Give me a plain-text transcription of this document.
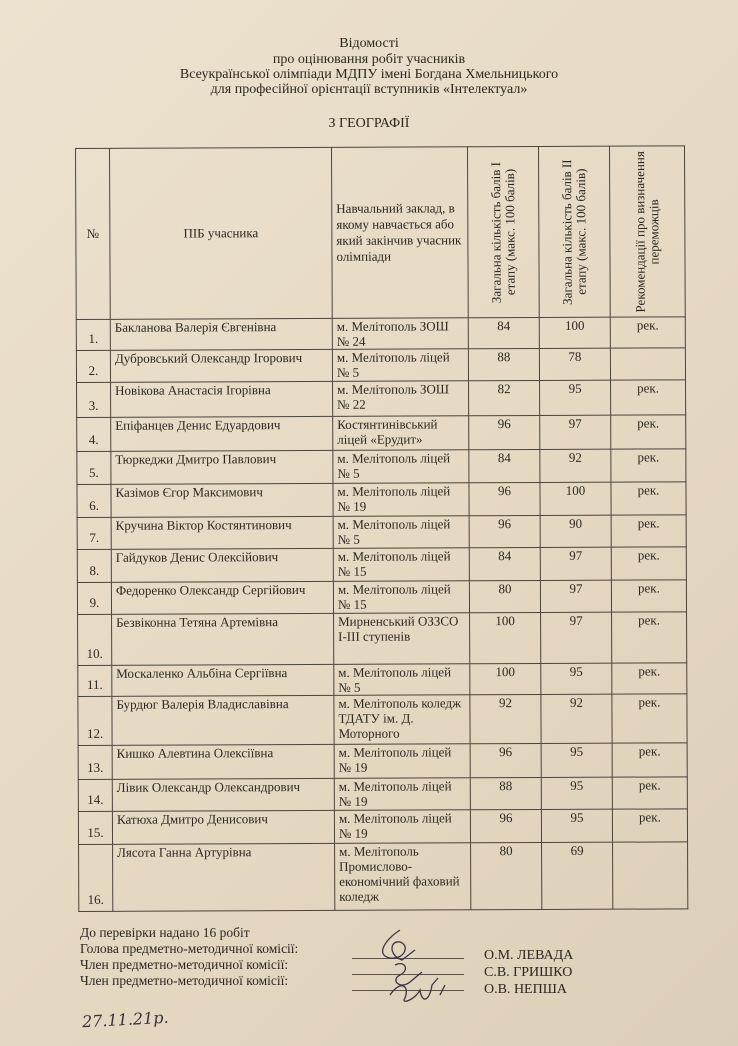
Відомості
про оцінювання робіт учасників
Всеукраїнської олімпіади МДПУ імені Богдана Хмельницького
для професійної орієнтації вступників «Інтелектуал»
З ГЕОГРАФІЇ
№	ПІБ учасника	Навчальний заклад, в якому навчається або який закінчив учасник олімпіади	Загальна кількість балів І етапу (макс. 100 балів)	Загальна кількість балів ІІ етапу (макс. 100 балів)	Рекомендації про визначення переможців

1.	Бакланова Валерія Євгенівна	м. Мелітополь ЗОШ № 24	84	100	рек.
2.	Дубровський Олександр Ігорович	м. Мелітополь ліцей № 5	88	78	
3.	Новікова Анастасія Ігорівна	м. Мелітополь ЗОШ № 22	82	95	рек.
4.	Епіфанцев Денис Едуардович	Костянтинівський ліцей «Ерудит»	96	97	рек.
5.	Тюркеджи Дмитро Павлович	м. Мелітополь ліцей № 5	84	92	рек.
6.	Казімов Єгор Максимович	м. Мелітополь ліцей № 19	96	100	рек.
7.	Кручина Віктор Костянтинович	м. Мелітополь ліцей № 5	96	90	рек.
8.	Гайдуков Денис Олексійович	м. Мелітополь ліцей № 15	84	97	рек.
9.	Федоренко Олександр Сергійович	м. Мелітополь ліцей № 15	80	97	рек.
10.	Безвіконна Тетяна Артемівна	Мирненський ОЗЗСО І-ІІІ ступенів	100	97	рек.
11.	Москаленко Альбіна Сергіївна	м. Мелітополь ліцей № 5	100	95	рек.
12.	Бурдюг Валерія Владиславівна	м. Мелітополь коледж ТДАТУ ім. Д. Моторного	92	92	рек.
13.	Кишко Алевтина Олексіївна	м. Мелітополь ліцей № 19	96	95	рек.
14.	Лівик Олександр Олександрович	м. Мелітополь ліцей № 19	88	95	рек.
15.	Катюха Дмитро Денисович	м. Мелітополь ліцей № 19	96	95	рек.
16.	Лясота Ганна Артурівна	м. Мелітополь Промислово-економічний фаховий коледж	80	69	
До перевірки надано 16 робіт
Голова предметно-методичної комісії:
Член предметно-методичної комісії:
Член предметно-методичної комісії:
О.М. ЛЕВАДА
С.В. ГРИШКО
О.В. НЕПША
27.11.21р.
